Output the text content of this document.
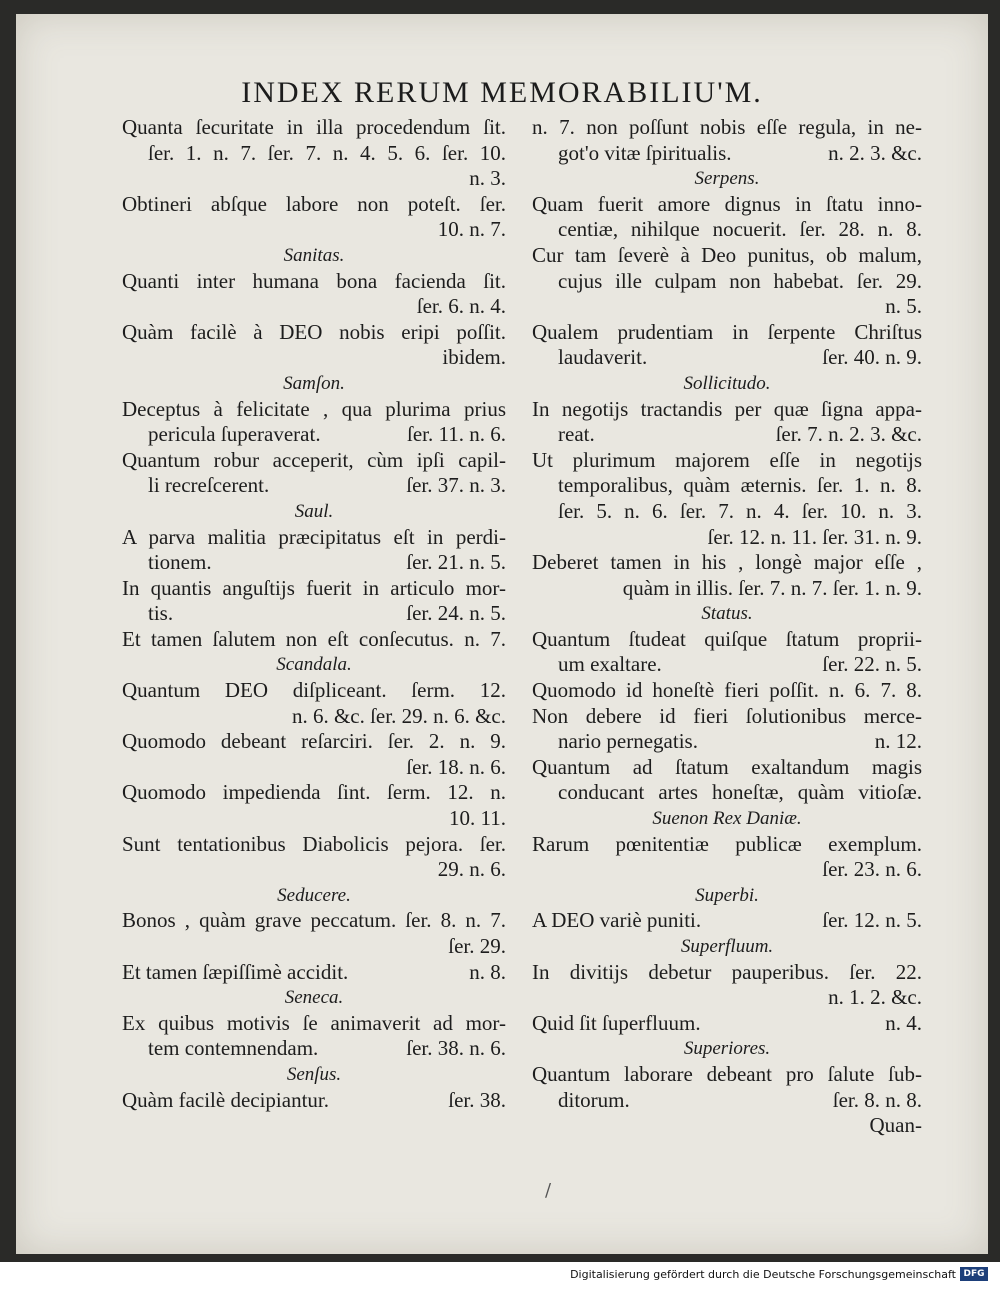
INDEX RERUM MEMORABILIU'M.
Quanta ſecuritate in illa procedendum ſit.
ſer. 1. n. 7. ſer. 7. n. 4. 5. 6. ſer. 10.
n. 3.
Obtineri abſque labore non poteſt. ſer.
10. n. 7.
Sanitas.
Quanti inter humana bona facienda ſit.
ſer. 6. n. 4.
Quàm facilè à DEO nobis eripi poſſit.
ibidem.
Samſon.
Deceptus à felicitate , qua plurima prius
pericula ſuperaverat.	ſer. 11. n. 6.
Quantum robur acceperit, cùm ipſi capil-
li recreſcerent.	ſer. 37. n. 3.
Saul.
A parva malitia præcipitatus eſt in perdi-
tionem.	ſer. 21. n. 5.
In quantis anguſtijs fuerit in articulo mor-
tis.	ſer. 24. n. 5.
Et tamen ſalutem non eſt conſecutus. n. 7.
Scandala.
Quantum DEO diſpliceant. ſerm. 12.
n. 6. &c. ſer. 29. n. 6. &c.
Quomodo debeant reſarciri. ſer. 2. n. 9.
ſer. 18. n. 6.
Quomodo impedienda ſint. ſerm. 12. n.
10. 11.
Sunt tentationibus Diabolicis pejora. ſer.
29. n. 6.
Seducere.
Bonos , quàm grave peccatum. ſer. 8. n. 7.
ſer. 29.
Et tamen ſæpiſſimè accidit.	n. 8.
Seneca.
Ex quibus motivis ſe animaverit ad mor-
tem contemnendam.	ſer. 38. n. 6.
Senſus.
Quàm facilè decipiantur.	ſer. 38.
n. 7. non poſſunt nobis eſſe regula, in ne-
got'o vitæ ſpiritualis.	n. 2. 3. &c.
Serpens.
Quam fuerit amore dignus in ſtatu inno-
centiæ, nihilque nocuerit. ſer. 28. n. 8.
Cur tam ſeverè à Deo punitus, ob malum,
cujus ille culpam non habebat. ſer. 29.
n. 5.
Qualem prudentiam in ſerpente Chriſtus
laudaverit.	ſer. 40. n. 9.
Sollicitudo.
In negotijs tractandis per quæ ſigna appa-
reat.	ſer. 7. n. 2. 3. &c.
Ut plurimum majorem eſſe in negotijs
temporalibus, quàm æternis. ſer. 1. n. 8.
ſer. 5. n. 6. ſer. 7. n. 4. ſer. 10. n. 3.
ſer. 12. n. 11. ſer. 31. n. 9.
Deberet tamen in his , longè major eſſe ,
quàm in illis. ſer. 7. n. 7. ſer. 1. n. 9.
Status.
Quantum ſtudeat quiſque ſtatum proprii-
um exaltare.	ſer. 22. n. 5.
Quomodo id honeſtè fieri poſſit. n. 6. 7. 8.
Non debere id fieri ſolutionibus merce-
nario pernegatis.	n. 12.
Quantum ad ſtatum exaltandum magis
conducant artes honeſtæ, quàm vitioſæ.
Suenon Rex Daniæ.
Rarum pœnitentiæ publicæ exemplum.
ſer. 23. n. 6.
Superbi.
A DEO variè puniti.	ſer. 12. n. 5.
Superfluum.
In divitijs debetur pauperibus. ſer. 22.
n. 1. 2. &c.
Quid ſit ſuperfluum.	n. 4.
Superiores.
Quantum laborare debeant pro ſalute ſub-
ditorum.	ſer. 8. n. 8.
Quan-
/
Digitalisierung gefördert durch die Deutsche Forschungsgemeinschaft DFG
